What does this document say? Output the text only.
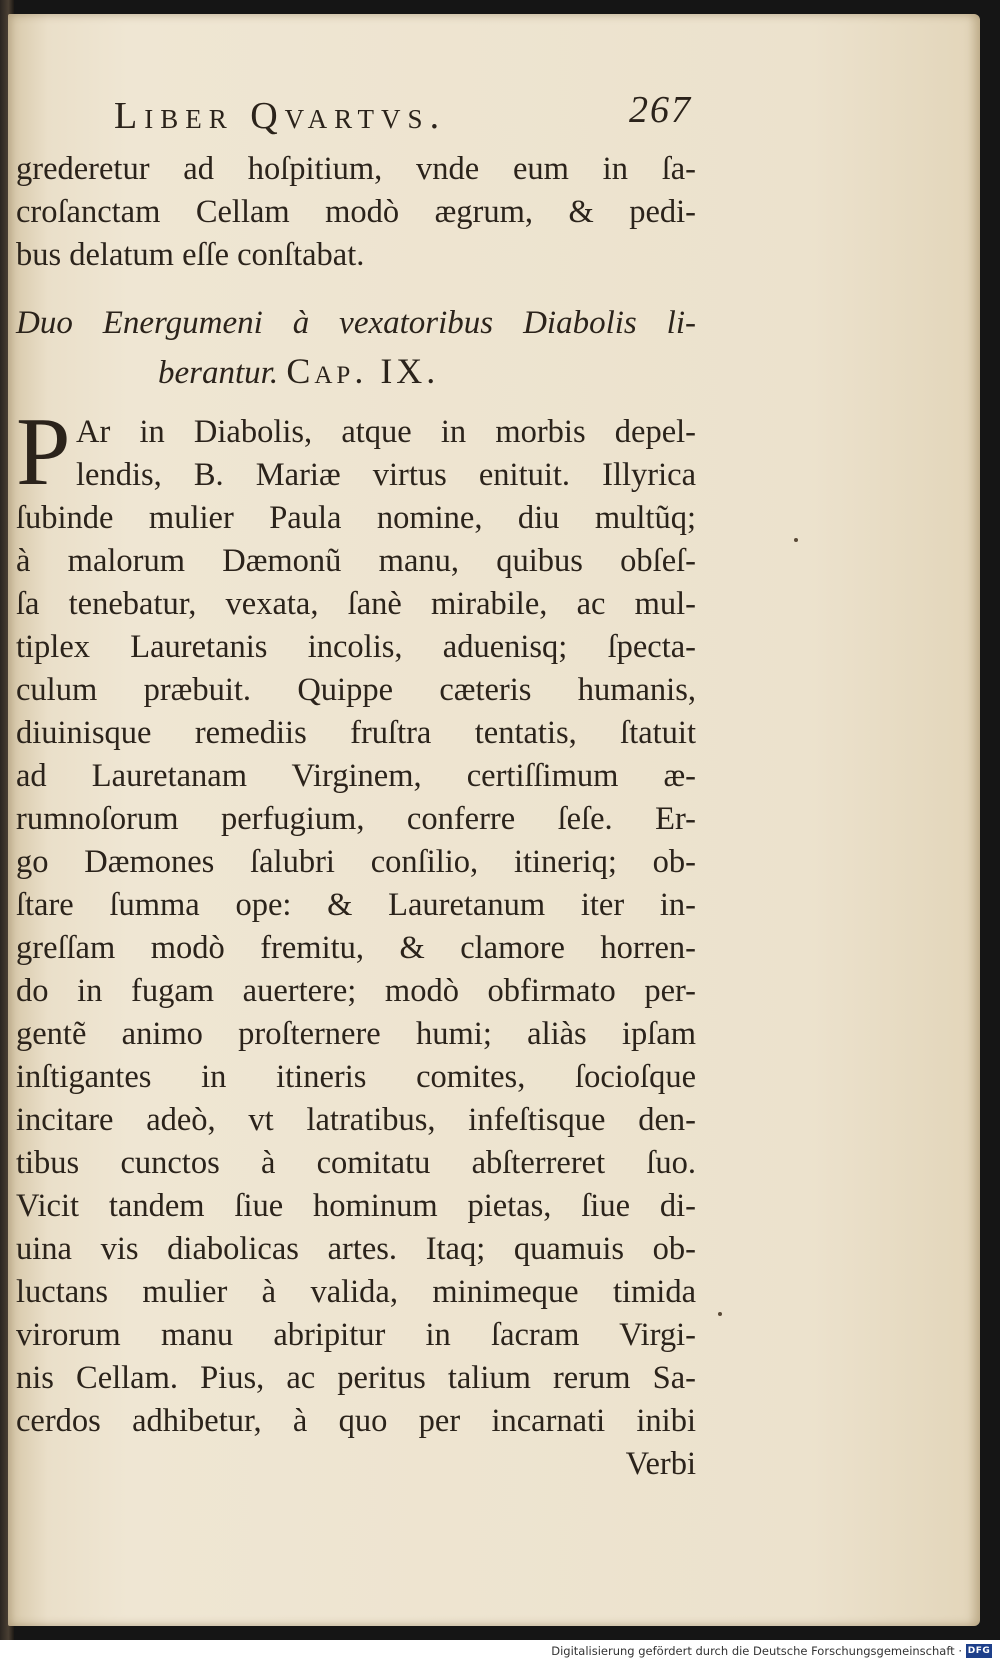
Liber Qvartvs.	267
grederetur ad hoſpitium, vnde eum in ſa-
croſanctam Cellam modò ægrum, & pedi-
bus delatum eſſe conſtabat.
Duo Energumeni à vexatoribus Diabolis li-
berantur. Cap. IX.
P Ar in Diabolis, atque in morbis depel-
lendis, B. Mariæ virtus enituit. Illyrica
ſubinde mulier Paula nomine, diu multũq;
à malorum Dæmonũ manu, quibus obſeſ-
ſa tenebatur, vexata, ſanè mirabile, ac mul-
tiplex Lauretanis incolis, aduenisq; ſpecta-
culum præbuit. Quippe cæteris humanis,
diuinisque remediis fruſtra tentatis, ſtatuit
ad Lauretanam Virginem, certiſſimum æ-
rumnoſorum perfugium, conferre ſeſe. Er-
go Dæmones ſalubri conſilio, itineriq; ob-
ſtare ſumma ope: & Lauretanum iter in-
greſſam modò fremitu, & clamore horren-
do in fugam auertere; modò obfirmato per-
gentẽ animo proſternere humi; aliàs ipſam
inſtigantes in itineris comites, ſocioſque
incitare adeò, vt latratibus, infeſtisque den-
tibus cunctos à comitatu abſterreret ſuo.
Vicit tandem ſiue hominum pietas, ſiue di-
uina vis diabolicas artes. Itaq; quamuis ob-
luctans mulier à valida, minimeque timida
virorum manu abripitur in ſacram Virgi-
nis Cellam. Pius, ac peritus talium rerum Sa-
cerdos adhibetur, à quo per incarnati inibi
Verbi
Digitalisierung gefördert durch die Deutsche Forschungsgemeinschaft · DFG
